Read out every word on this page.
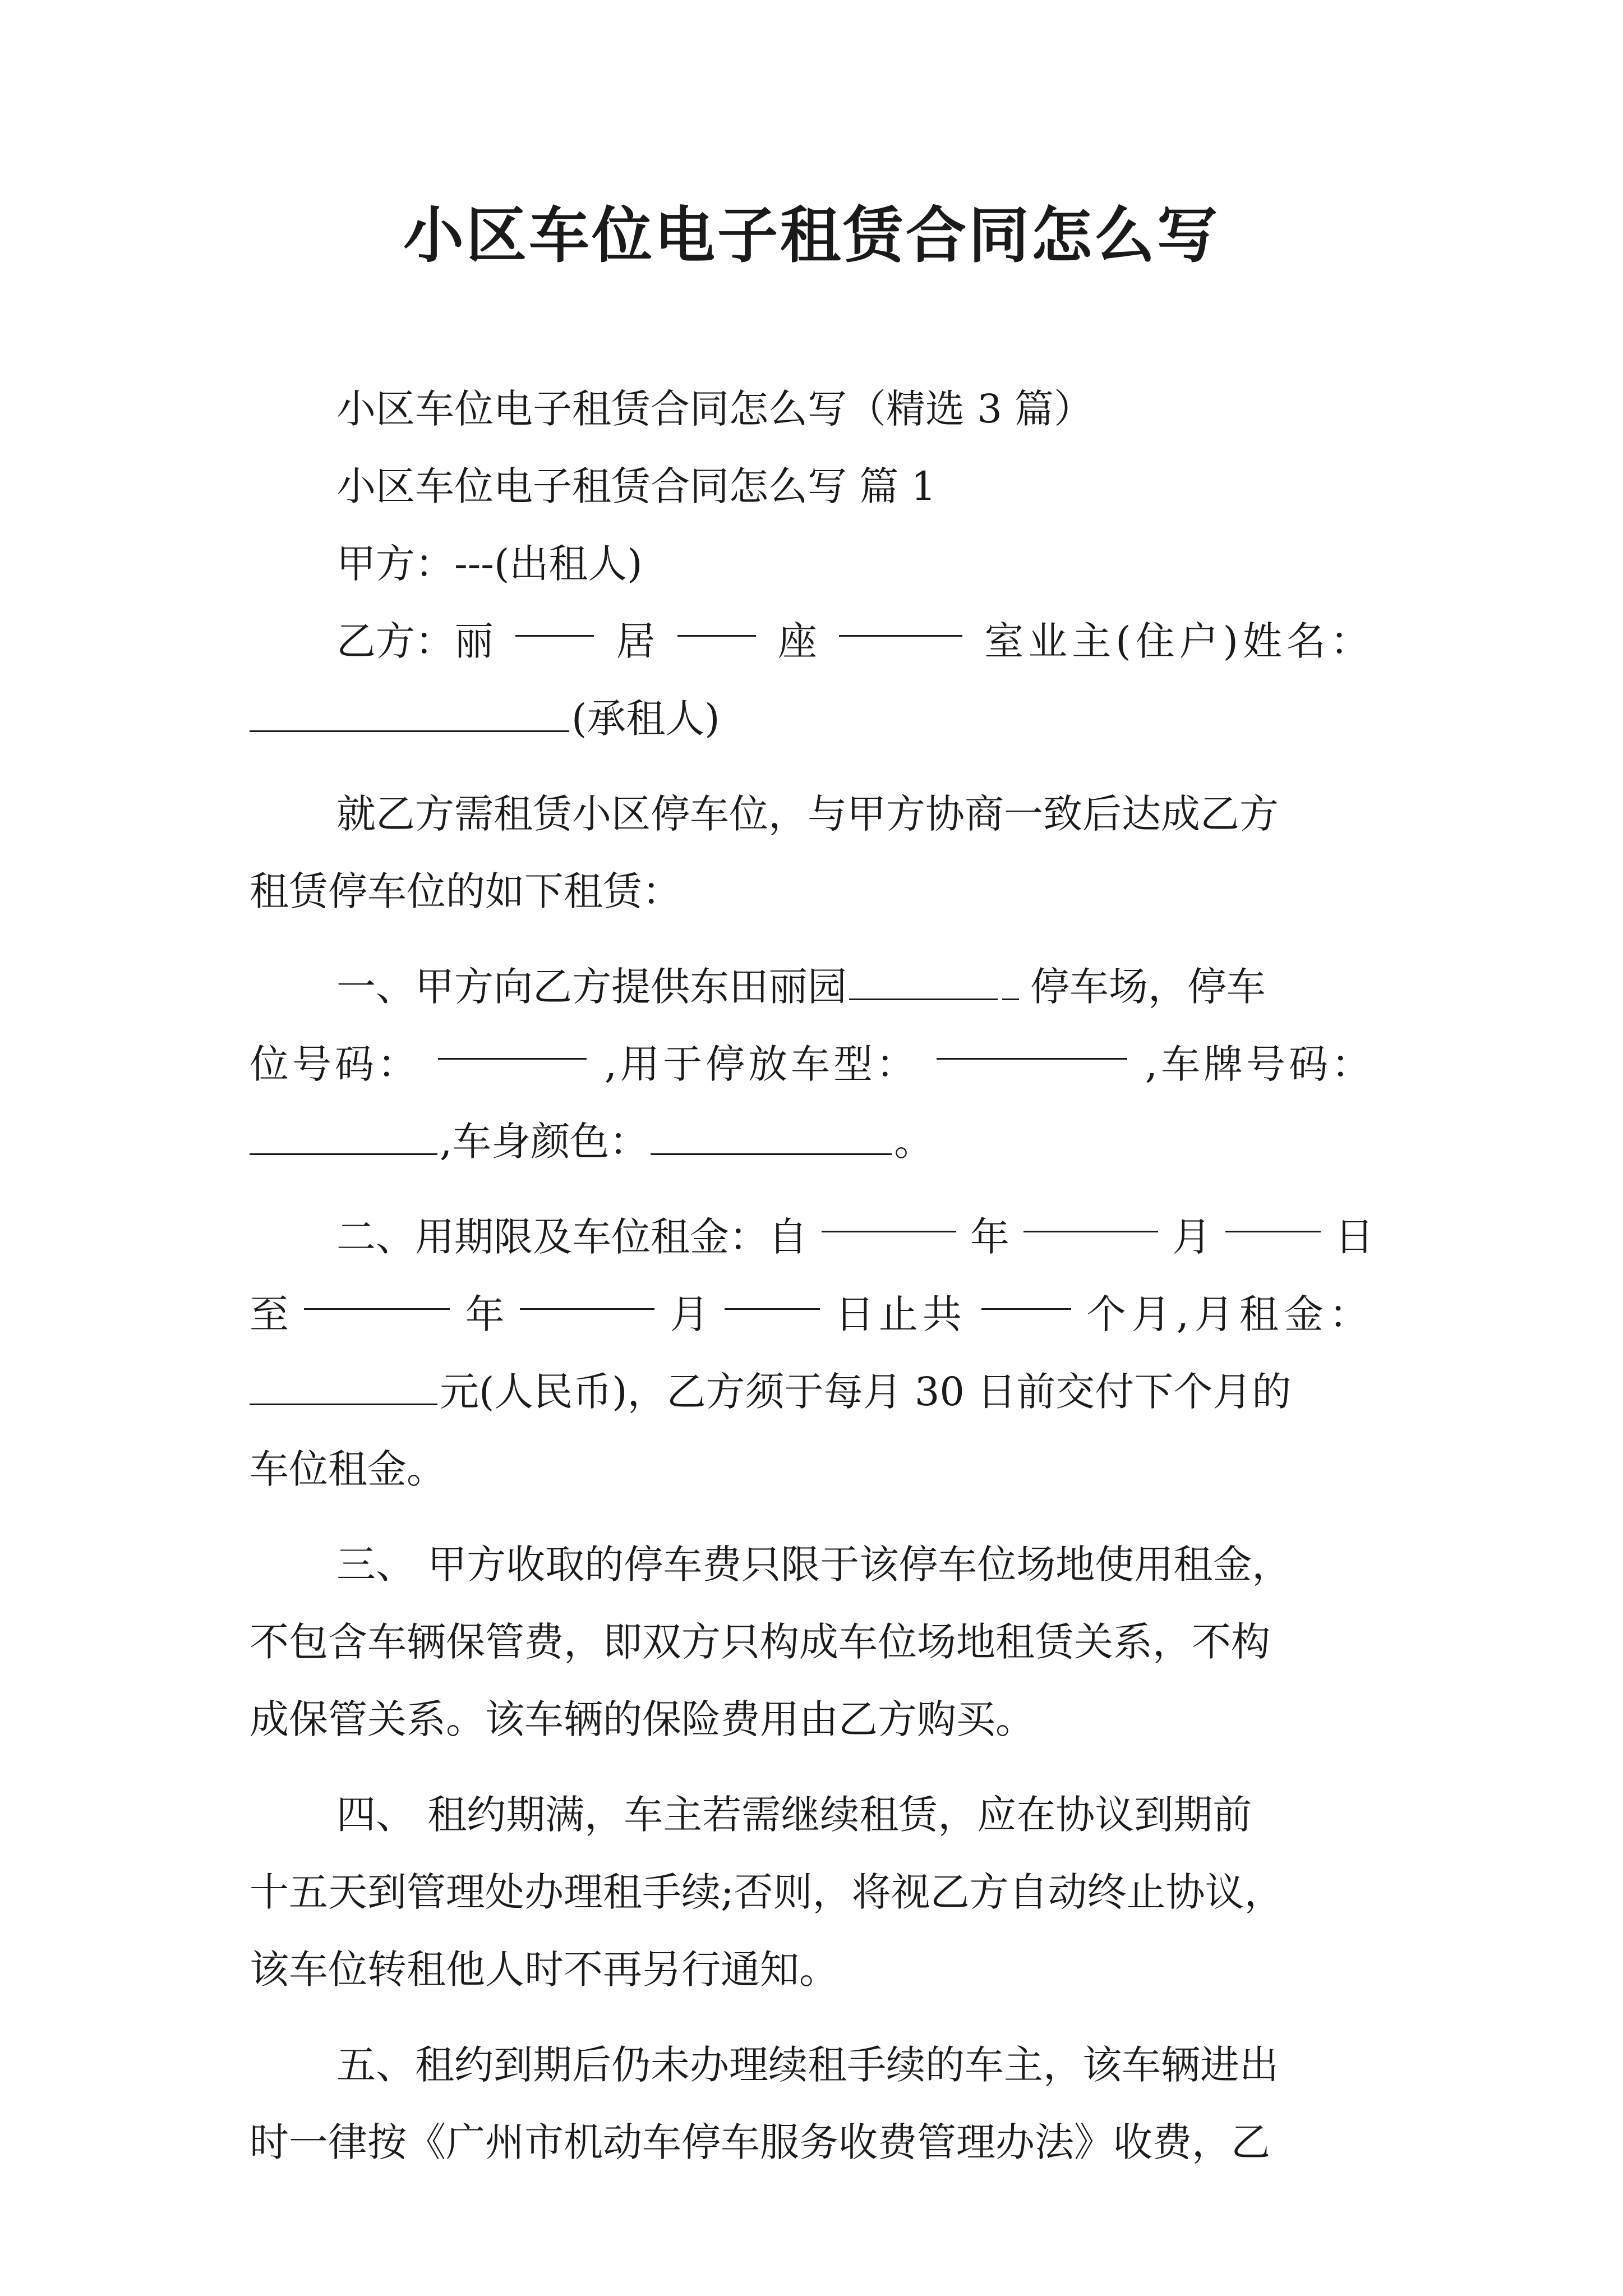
小区车位电子租赁合同怎么写
小区车位电子租赁合同怎么写（精选 3 篇）
小区车位电子租赁合同怎么写 篇 1
甲方：---(出租人)
乙方：丽	居	座	室业主(住户)姓名：
(承租人)
就乙方需租赁小区停车位，与甲方协商一致后达成乙方
租赁停车位的如下租赁：
一、甲方向乙方提供东田丽园	停车场，停车
位号码：	,用于停放车型：	,车牌号码：
,车身颜色：	。
二、用期限及车位租金：自	年	月	日
至	年	月	日止共	个月,月租金：
元(人民币)，乙方须于每月 30 日前交付下个月的
车位租金。
三、 甲方收取的停车费只限于该停车位场地使用租金，
不包含车辆保管费，即双方只构成车位场地租赁关系，不构
成保管关系。该车辆的保险费用由乙方购买。
四、 租约期满，车主若需继续租赁，应在协议到期前
十五天到管理处办理租手续;否则，将视乙方自动终止协议，
该车位转租他人时不再另行通知。
五、租约到期后仍未办理续租手续的车主，该车辆进出
时一律按《广州市机动车停车服务收费管理办法》收费，乙
